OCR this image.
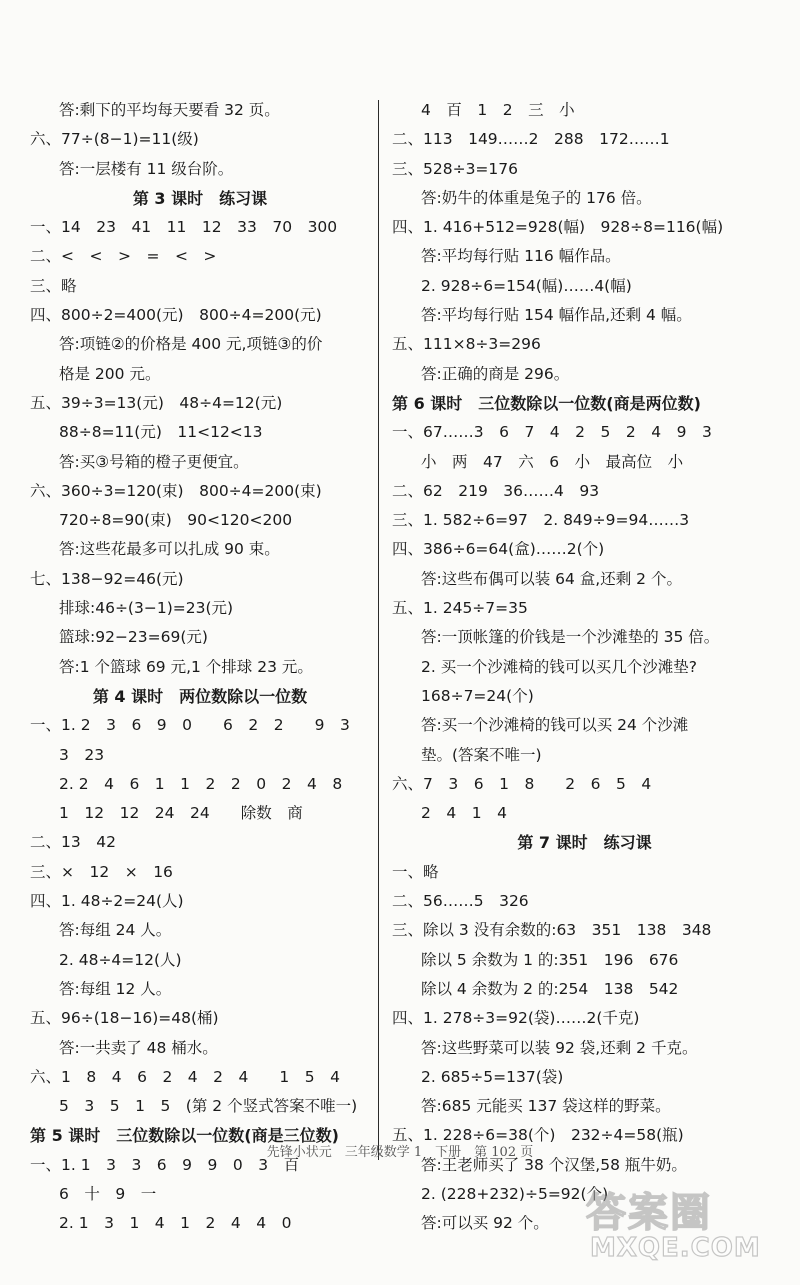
答:剩下的平均每天要看 32 页。
六、77÷(8−1)=11(级)
答:一层楼有 11 级台阶。
第 3 课时　练习课
一、14　23　41　11　12　33　70　300
二、<　<　>　=　<　>
三、略
四、800÷2=400(元)　800÷4=200(元)
答:项链②的价格是 400 元,项链③的价
格是 200 元。
五、39÷3=13(元)　48÷4=12(元)
88÷8=11(元)　11<12<13
答:买③号箱的橙子更便宜。
六、360÷3=120(束)　800÷4=200(束)
720÷8=90(束)　90<120<200
答:这些花最多可以扎成 90 束。
七、138−92=46(元)
排球:46÷(3−1)=23(元)
篮球:92−23=69(元)
答:1 个篮球 69 元,1 个排球 23 元。
第 4 课时　两位数除以一位数
一、1. 2　3　6　9　0　　6　2　2　　9　3
3　23
2. 2　4　6　1　1　2　2　0　2　4　8
1　12　12　24　24　　除数　商
二、13　42
三、×　12　×　16
四、1. 48÷2=24(人)
答:每组 24 人。
2. 48÷4=12(人)
答:每组 12 人。
五、96÷(18−16)=48(桶)
答:一共卖了 48 桶水。
六、1　8　4　6　2　4　2　4　　1　5　4
5　3　5　1　5　(第 2 个竖式答案不唯一)
第 5 课时　三位数除以一位数(商是三位数)
一、1. 1　3　3　6　9　9　0　3　百
6　十　9　一
2. 1　3　1　4　1　2　4　4　0
4　百　1　2　三　小
二、113　149……2　288　172……1
三、528÷3=176
答:奶牛的体重是兔子的 176 倍。
四、1. 416+512=928(幅)　928÷8=116(幅)
答:平均每行贴 116 幅作品。
2. 928÷6=154(幅)……4(幅)
答:平均每行贴 154 幅作品,还剩 4 幅。
五、111×8÷3=296
答:正确的商是 296。
第 6 课时　三位数除以一位数(商是两位数)
一、67……3　6　7　4　2　5　2　4　9　3
小　两　47　六　6　小　最高位　小
二、62　219　36……4　93
三、1. 582÷6=97　2. 849÷9=94……3
四、386÷6=64(盒)……2(个)
答:这些布偶可以装 64 盒,还剩 2 个。
五、1. 245÷7=35
答:一顶帐篷的价钱是一个沙滩垫的 35 倍。
2. 买一个沙滩椅的钱可以买几个沙滩垫?
168÷7=24(个)
答:买一个沙滩椅的钱可以买 24 个沙滩
垫。(答案不唯一)
六、7　3　6　1　8　　2　6　5　4
2　4　1　4
第 7 课时　练习课
一、略
二、56……5　326
三、除以 3 没有余数的:63　351　138　348
除以 5 余数为 1 的:351　196　676
除以 4 余数为 2 的:254　138　542
四、1. 278÷3=92(袋)……2(千克)
答:这些野菜可以装 92 袋,还剩 2 千克。
2. 685÷5=137(袋)
答:685 元能买 137 袋这样的野菜。
五、1. 228÷6=38(个)　232÷4=58(瓶)
答:王老师买了 38 个汉堡,58 瓶牛奶。
2. (228+232)÷5=92(个)
答:可以买 92 个。
先锋小状元　三年级数学 1　下册　第 102 页
答案圈
MXQE.COM
